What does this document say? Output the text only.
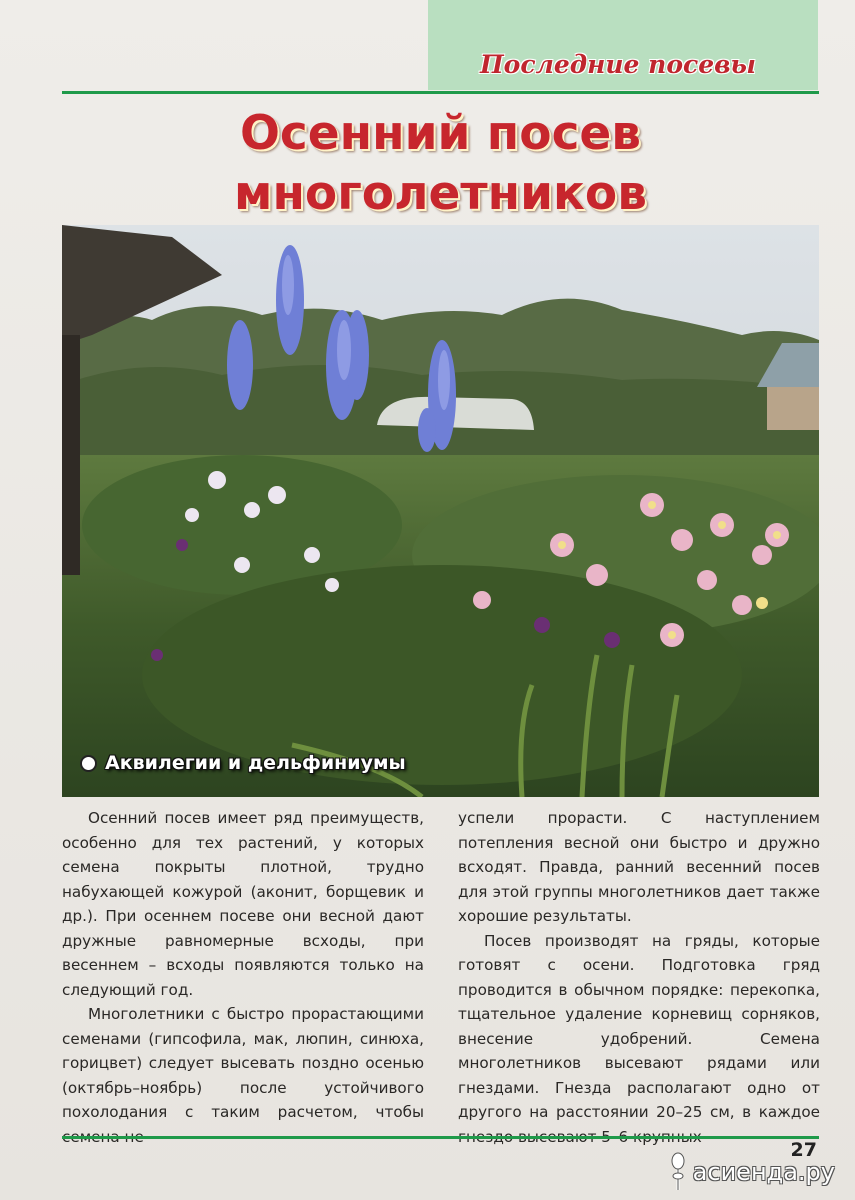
Последние посевы
Осенний посев
многолетников
Аквилегии и дельфиниумы

Осенний посев имеет ряд преимуществ, особенно для тех растений, у которых семена покрыты плотной, трудно набухающей кожурой (аконит, борщевик и др.). При осеннем посеве они весной дают дружные равномерные всходы, при весеннем – всходы появляются только на следующий год.

Многолетники с быстро прорастающими семенами (гипсофила, мак, люпин, синюха, горицвет) следует высевать поздно осенью (октябрь–ноябрь) после устойчивого похолодания с таким расчетом, чтобы

успели прорасти. С наступлением потепления весной они быстро и дружно всходят. Правда, ранний весенний посев для этой группы многолетников дает также хорошие результаты.

Посев производят на гряды, которые готовят с осени. Подготовка гряд проводится в обычном порядке: перекопка, тщательное удаление корневищ сорняков, внесение удобрений. Семена многолетников высевают рядами или гнездами. Гнезда располагают одно от другого на расстоянии 20–25 см, в каждое

27
асиенда.ру
